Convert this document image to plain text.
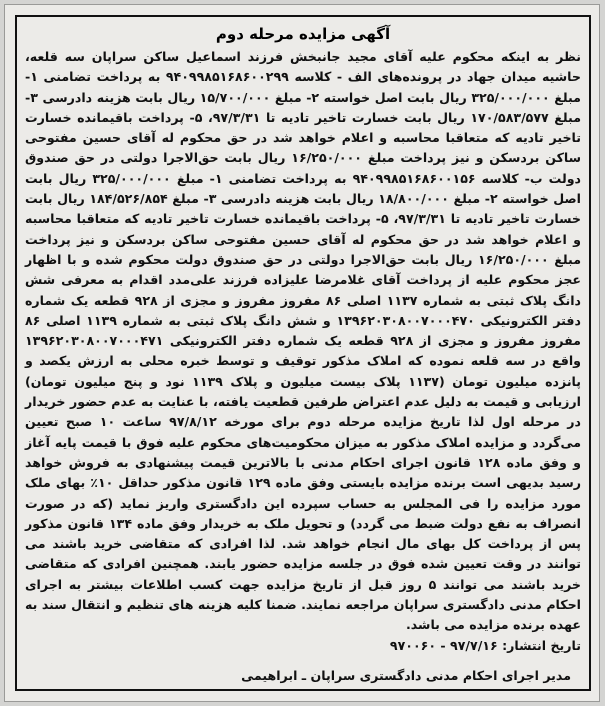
آگهی مزایده مرحله دوم
نظر به اینکه محکوم علیه آقای مجید جانبخش فرزند اسماعیل ساکن سراپان سه قلعه، حاشیه میدان جهاد در پرونده‌های الف - کلاسه ۹۴۰۹۹۸۵۱۶۸۶۰۰۲۹۹ به پرداخت تضامنی ۱- مبلغ ۳۲۵/۰۰۰/۰۰۰ ریال بابت اصل خواسته ۲- مبلغ ۱۵/۷۰۰/۰۰۰ ریال بابت هزینه دادرسی ۳- مبلغ ۱۷۰/۵۸۳/۵۷۷ ریال بابت خسارت تاخیر تادیه تا ۹۷/۳/۳۱، ۵- پرداخت باقیمانده خسارت تاخیر تادیه که متعاقبا محاسبه و اعلام خواهد شد در حق محکوم له آقای حسین مفتوحی ساکن بردسکن و نیز پرداخت مبلغ ۱۶/۲۵۰/۰۰۰ ریال بابت حق‌الاجرا دولتی در حق صندوق دولت ب- کلاسه ۹۴۰۹۹۸۵۱۶۸۶۰۰۱۵۶ به پرداخت تضامنی ۱- مبلغ ۳۲۵/۰۰۰/۰۰۰ ریال بابت اصل خواسته ۲- مبلغ ۱۸/۸۰۰/۰۰۰ ریال بابت هزینه دادرسی ۳- مبلغ ۱۸۴/۵۲۶/۸۵۴ ریال بابت خسارت تاخیر تادیه تا ۹۷/۳/۳۱، ۵- پرداخت باقیمانده خسارت تاخیر تادیه که متعاقبا محاسبه و اعلام خواهد شد در حق محکوم له آقای حسین مفتوحی ساکن بردسکن و نیز پرداخت مبلغ ۱۶/۲۵۰/۰۰۰ ریال بابت حق‌الاجرا دولتی در حق صندوق دولت محکوم شده و با اظهار عجز محکوم علیه از پرداخت آقای غلامرضا علیزاده فرزند علی‌مدد اقدام به معرفی شش دانگ پلاک ثبتی به شماره ۱۱۳۷ اصلی ۸۶ مفروز مفروز و مجزی از ۹۲۸ قطعه یک شماره دفتر الکترونیکی ۱۳۹۶۲۰۳۰۸۰۰۷۰۰۰۴۷۰ و شش دانگ پلاک ثبتی به شماره ۱۱۳۹ اصلی ۸۶ مفروز مفروز و مجزی از ۹۲۸ قطعه یک شماره دفتر الکترونیکی ۱۳۹۶۲۰۳۰۸۰۰۷۰۰۰۴۷۱ واقع در سه قلعه نموده که املاک مذکور توقیف و توسط خبره محلی به ارزش یکصد و پانزده میلیون تومان (۱۱۳۷ پلاک بیست میلیون و پلاک ۱۱۳۹ نود و پنج میلیون تومان) ارزیابی و قیمت به دلیل عدم اعتراض طرفین قطعیت یافته، با عنایت به عدم حضور خریدار در مرحله اول لذا تاریخ مزایده مرحله دوم برای مورخه ۹۷/۸/۱۲ ساعت ۱۰ صبح تعیین می‌گردد و مزایده املاک مذکور به میزان محکومیت‌های محکوم علیه فوق با قیمت پایه آغاز و وفق ماده ۱۲۸ قانون اجرای احکام مدنی با بالاترین قیمت پیشنهادی به فروش خواهد رسید بدیهی است برنده مزایده بایستی وفق ماده ۱۲۹ قانون مذکور حداقل ۱۰٪ بهای ملک مورد مزایده را فی المجلس به حساب سپرده این دادگستری واریز نماید (که در صورت انصراف به نفع دولت ضبط می گردد) و تحویل ملک به خریدار وفق ماده ۱۳۴ قانون مذکور پس از پرداخت کل بهای مال انجام خواهد شد. لذا افرادی که متقاضی خرید باشند می توانند در وقت تعیین شده فوق در جلسه مزایده حضور یابند. همچنین افرادی که متقاضی خرید باشند می توانند ۵ روز قبل از تاریخ مزایده جهت کسب اطلاعات بیشتر به اجرای احکام مدنی دادگستری سراپان مراجعه نمایند. ضمنا کلیه هزینه های تنظیم و انتقال سند به عهده برنده مزایده می باشد.
تاریخ انتشار: ۹۷/۷/۱۶ - ۹۷۰۰۶۰
مدیر اجرای احکام مدنی دادگستری سراپان ـ ابراهیمی
